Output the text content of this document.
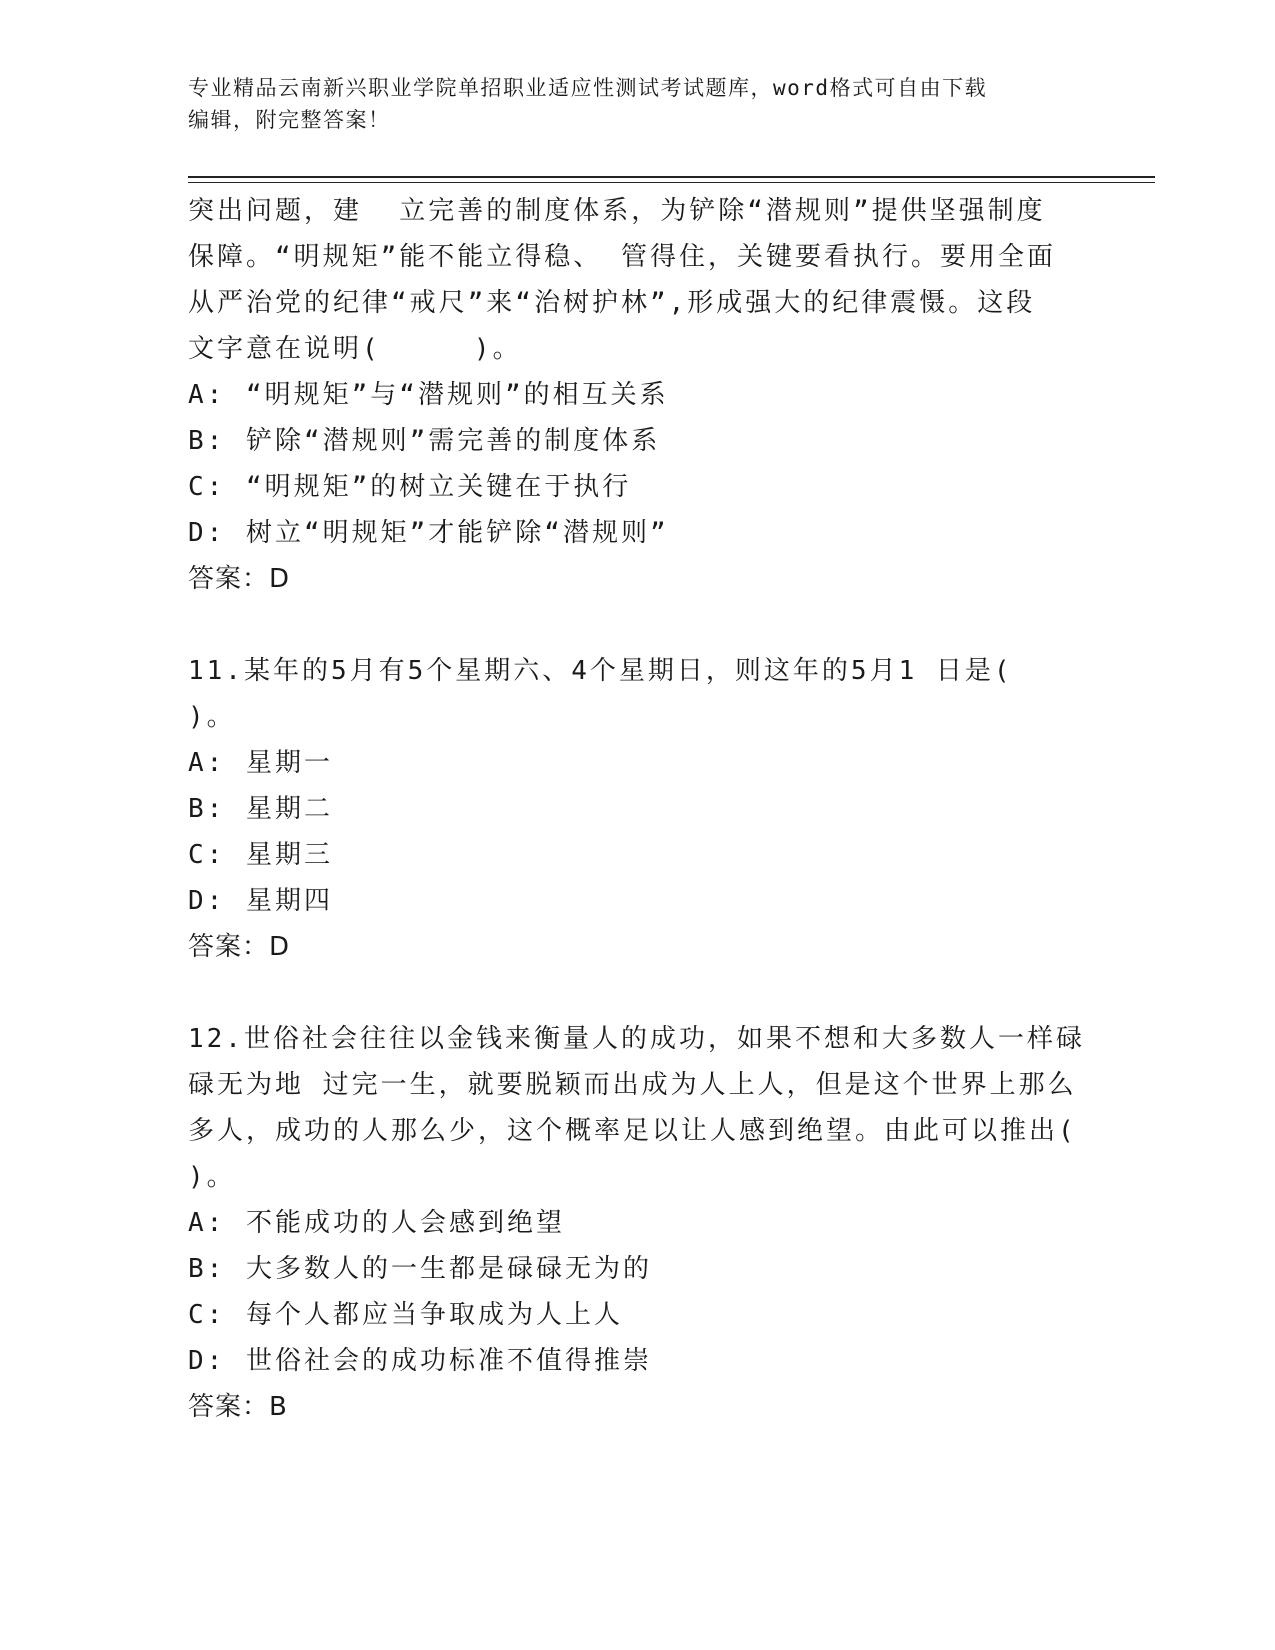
专业精品云南新兴职业学院单招职业适应性测试考试题库，word格式可自由下载
编辑，附完整答案！
突出问题，建  立完善的制度体系，为铲除“潜规则”提供坚强制度
保障。“明规矩”能不能立得稳、 管得住，关键要看执行。要用全面
从严治党的纪律“戒尺”来“治树护林”,形成强大的纪律震慑。这段
文字意在说明(     )。
A: “明规矩”与“潜规则”的相互关系
B: 铲除“潜规则”需完善的制度体系
C: “明规矩”的树立关键在于执行
D: 树立“明规矩”才能铲除“潜规则”
答案：D
11.某年的5月有5个星期六、4个星期日，则这年的5月1 日是(
)。
A: 星期一
B: 星期二
C: 星期三
D: 星期四
答案：D
12.世俗社会往往以金钱来衡量人的成功，如果不想和大多数人一样碌
碌无为地 过完一生，就要脱颖而出成为人上人，但是这个世界上那么
多人，成功的人那么少，这个概率足以让人感到绝望。由此可以推出(
)。
A: 不能成功的人会感到绝望
B: 大多数人的一生都是碌碌无为的
C: 每个人都应当争取成为人上人
D: 世俗社会的成功标准不值得推崇
答案：B
